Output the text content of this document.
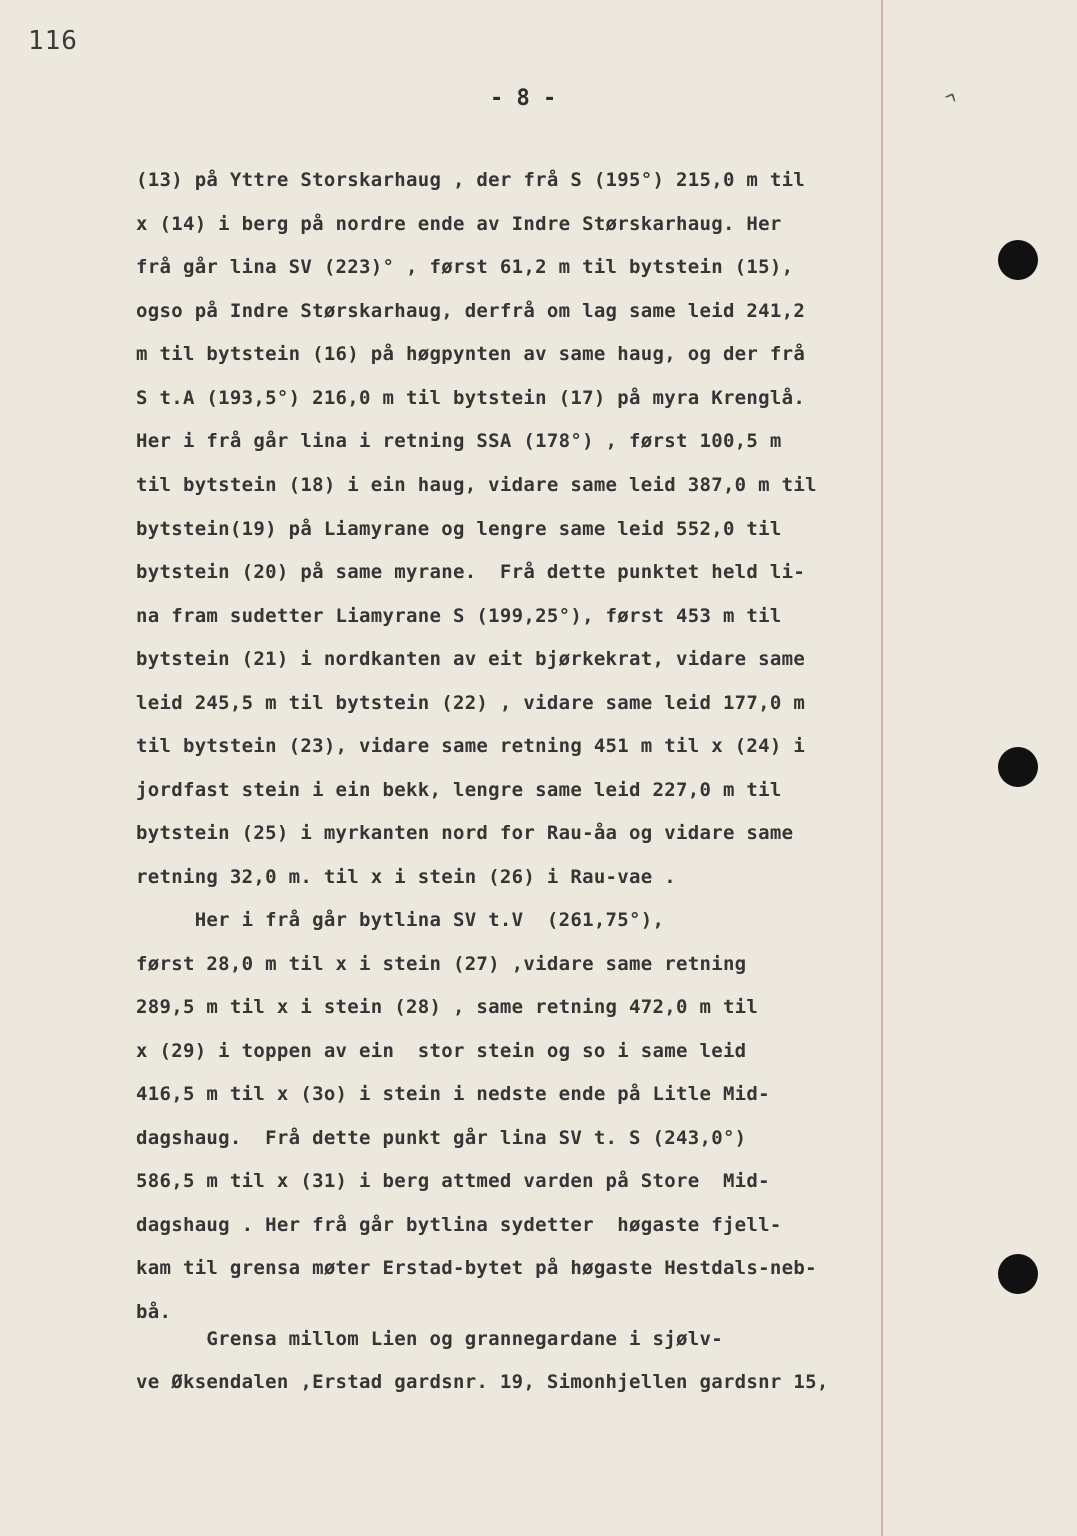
116
- 8 -	^
(13) på Yttre Storskarhaug , der frå S (195°) 215,0 m til
x (14) i berg på nordre ende av Indre Størskarhaug. Her
frå går lina SV (223)° , først 61,2 m til bytstein (15),
ogso på Indre Størskarhaug, derfrå om lag same leid 241,2
m til bytstein (16) på høgpynten av same haug, og der frå
S t.A (193,5°) 216,0 m til bytstein (17) på myra Krenglå.
Her i frå går lina i retning SSA (178°) , først 100,5 m
til bytstein (18) i ein haug, vidare same leid 387,0 m til
bytstein(19) på Liamyrane og lengre same leid 552,0 til
bytstein (20) på same myrane.  Frå dette punktet held li-
na fram sudetter Liamyrane S (199,25°), først 453 m til
bytstein (21) i nordkanten av eit bjørkekrat, vidare same
leid 245,5 m til bytstein (22) , vidare same leid 177,0 m
til bytstein (23), vidare same retning 451 m til x (24) i
jordfast stein i ein bekk, lengre same leid 227,0 m til
bytstein (25) i myrkanten nord for Rau-åa og vidare same
retning 32,0 m. til x i stein (26) i Rau-vae .
Her i frå går bytlina SV t.V  (261,75°),
først 28,0 m til x i stein (27) ,vidare same retning
289,5 m til x i stein (28) , same retning 472,0 m til
x (29) i toppen av ein  stor stein og so i same leid
416,5 m til x (3o) i stein i nedste ende på Litle Mid-
dagshaug.  Frå dette punkt går lina SV t. S (243,0°)
586,5 m til x (31) i berg attmed varden på Store  Mid-
dagshaug . Her frå går bytlina sydetter  høgaste fjell-
kam til grensa møter Erstad-bytet på høgaste Hestdals-neb-
bå.
Grensa millom Lien og grannegardane i sjølv-
ve Øksendalen ,Erstad gardsnr. 19, Simonhjellen gardsnr 15,
